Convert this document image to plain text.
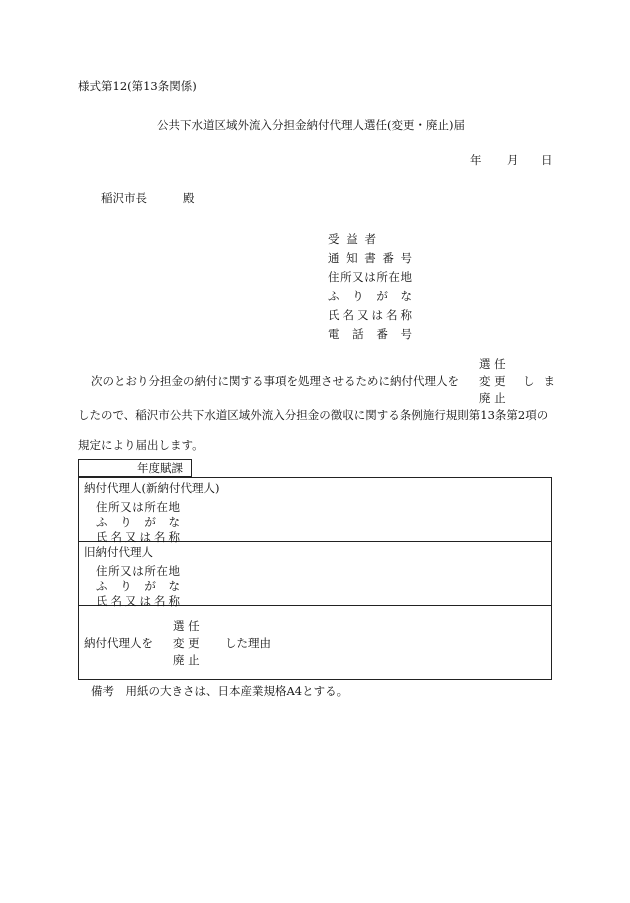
様式第12(第13条関係)
公共下水道区域外流入分担金納付代理人選任(変更・廃止)届
年 月 日
稲沢市長	殿
受 益 者
通 知 書 番 号
住 所 又 は 所 在 地
ふ り が な
氏 名 又 は 名 称
電 話 番 号
次のとおり分担金の納付に関する事項を処理させるために納付代理人を
選 任
変 更
廃 止
しま
したので、稲沢市公共下水道区域外流入分担金の徴収に関する条例施行規則第13条第2項の
規定により届出します。
年度賦課
納付代理人(新納付代理人)
住 所 又 は 所 在 地
ふ り が な
氏 名 又 は 名 称
旧納付代理人
住 所 又 は 所 在 地
ふ り が な
氏 名 又 は 名 称
納付代理人を
選 任
変 更
廃 止
した理由
備考　用紙の大きさは、日本産業規格A4とする。
